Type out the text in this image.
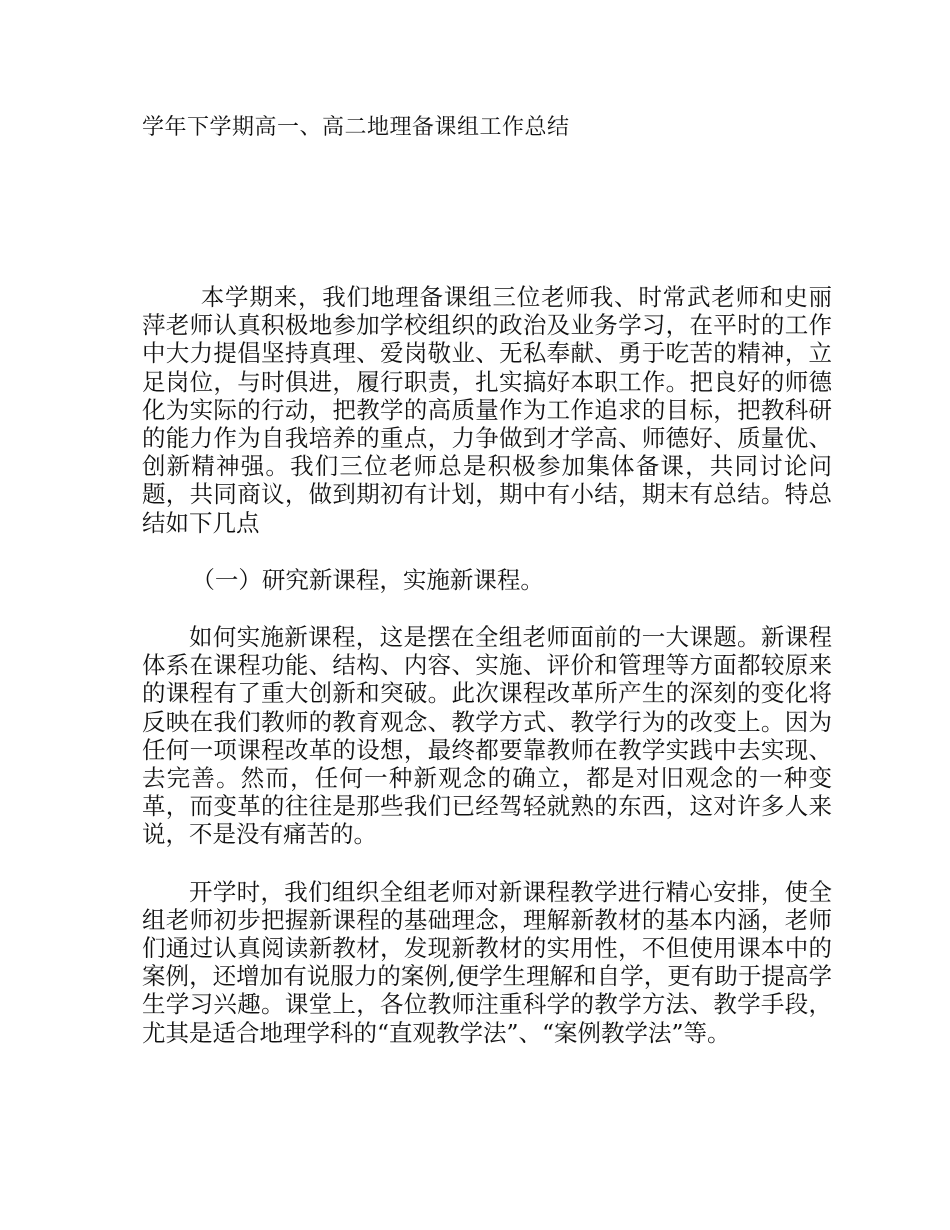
学年下学期高一、高二地理备课组工作总结

本学期来，我们地理备课组三位老师我、时常武老师和史丽萍老师认真积极地参加学校组织的政治及业务学习，在平时的工作中大力提倡坚持真理、爱岗敬业、无私奉献、勇于吃苦的精神，立足岗位，与时俱进，履行职责，扎实搞好本职工作。把良好的师德化为实际的行动，把教学的高质量作为工作追求的目标，把教科研的能力作为自我培养的重点，力争做到才学高、师德好、质量优、创新精神强。我们三位老师总是积极参加集体备课，共同讨论问题，共同商议，做到期初有计划，期中有小结，期末有总结。特总结如下几点

（一）研究新课程，实施新课程。

如何实施新课程，这是摆在全组老师面前的一大课题。新课程体系在课程功能、结构、内容、实施、评价和管理等方面都较原来的课程有了重大创新和突破。此次课程改革所产生的深刻的变化将反映在我们教师的教育观念、教学方式、教学行为的改变上。因为任何一项课程改革的设想，最终都要靠教师在教学实践中去实现、去完善。然而，任何一种新观念的确立，都是对旧观念的一种变革，而变革的往往是那些我们已经驾轻就熟的东西，这对许多人来说，不是没有痛苦的。

开学时，我们组织全组老师对新课程教学进行精心安排，使全组老师初步把握新课程的基础理念，理解新教材的基本内涵，老师们通过认真阅读新教材，发现新教材的实用性，不但使用课本中的案例，还增加有说服力的案例,便学生理解和自学，更有助于提高学生学习兴趣。课堂上，各位教师注重科学的教学方法、教学手段，尤其是适合地理学科的“直观教学法”、“案例教学法”等。
